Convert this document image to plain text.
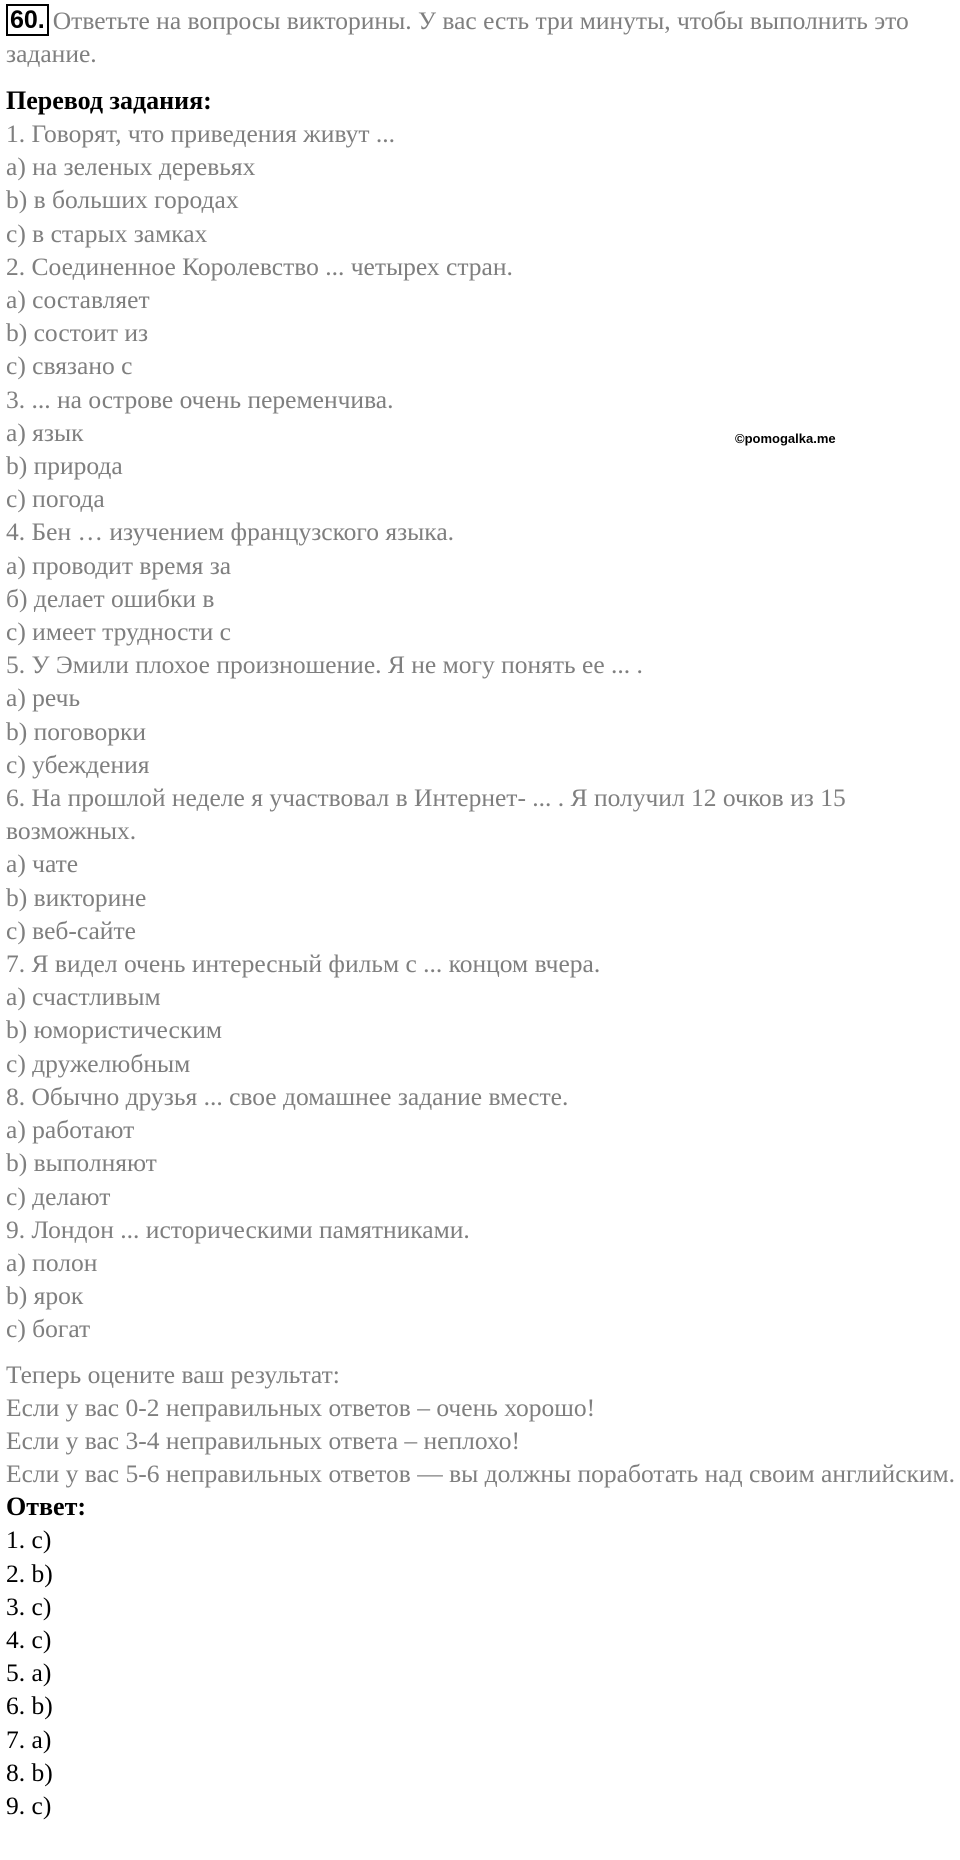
60. Ответьте на вопросы викторины. У вас есть три минуты, чтобы выполнить это задание.
Перевод задания:
1. Говорят, что приведения живут ...
а) на зеленых деревьях
b) в больших городах
с) в старых замках
2. Соединенное Королевство ... четырех стран.
а) составляет
b) состоит из
с) связано с
3. ... на острове очень переменчива.
а) язык
b) природа
с) погода
4. Бен … изучением французского языка.
а) проводит время за
б) делает ошибки в
с) имеет трудности с
5. У Эмили плохое произношение. Я не могу понять ее ... .
а) речь
b) поговорки
с) убеждения
6. На прошлой неделе я участвовал в Интернет- ... . Я получил 12 очков из 15 возможных.
а) чате
b) викторине
с) веб-сайте
7. Я видел очень интересный фильм с ... концом вчера.
а) счастливым
b) юмористическим
с) дружелюбным
8. Обычно друзья ... свое домашнее задание вместе.
а) работают
b) выполняют
с) делают
9. Лондон ... историческими памятниками.
а) полон
b) ярок
с) богат
Теперь оцените ваш результат:
Если у вас 0-2 неправильных ответов – очень хорошо!
Если у вас 3-4 неправильных ответа – неплохо!
Если у вас 5-6 неправильных ответов — вы должны поработать над своим английским.
Ответ:
1. с)
2. b)
3. с)
4. с)
5. а)
6. b)
7. а)
8. b)
9. с)
©pomogalka.me
